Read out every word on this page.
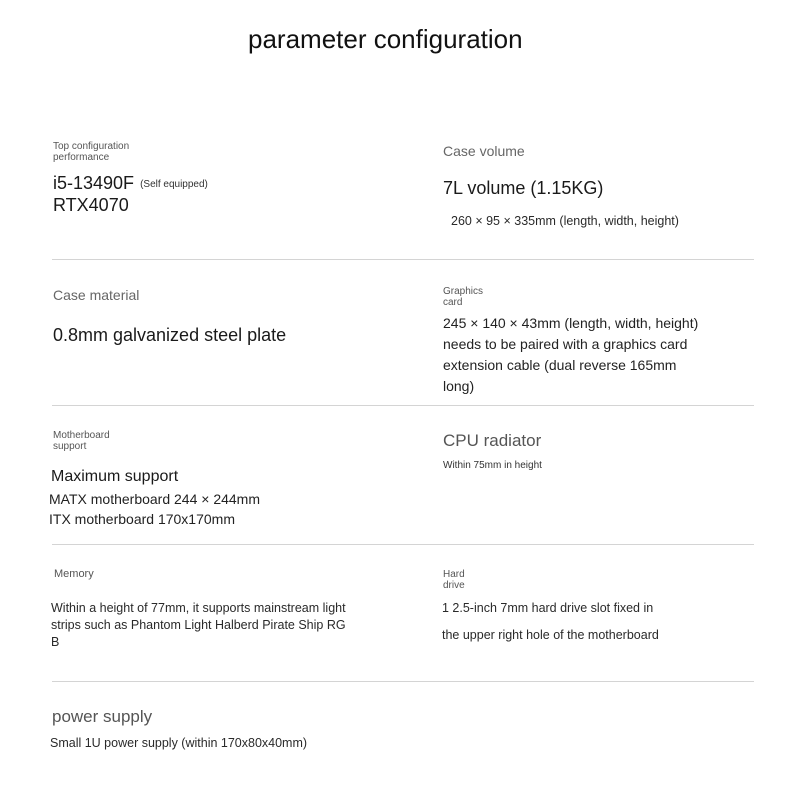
parameter configuration
Top configuration performance
i5-13490F $^{(Self equipped)}$
RTX4070
Case volume
7L volume (1.15KG)
260 × 95 × 335mm (length, width, height)
Case material
0.8mm galvanized steel plate
Graphics card
245 × 140 × 43mm (length, width, height) needs to be paired with a graphics card extension cable (dual reverse 165mm long)
Motherboard support
Maximum support
MATX motherboard 244 × 244mm
ITX motherboard 170x170mm
CPU radiator
Within 75mm in height
Memory
Within a height of 77mm, it supports mainstream light strips such as Phantom Light Halberd Pirate Ship RGB
Hard drive
1 2.5-inch 7mm hard drive slot fixed in
the upper right hole of the motherboard
power supply
Small 1U power supply (within 170x80x40mm)
